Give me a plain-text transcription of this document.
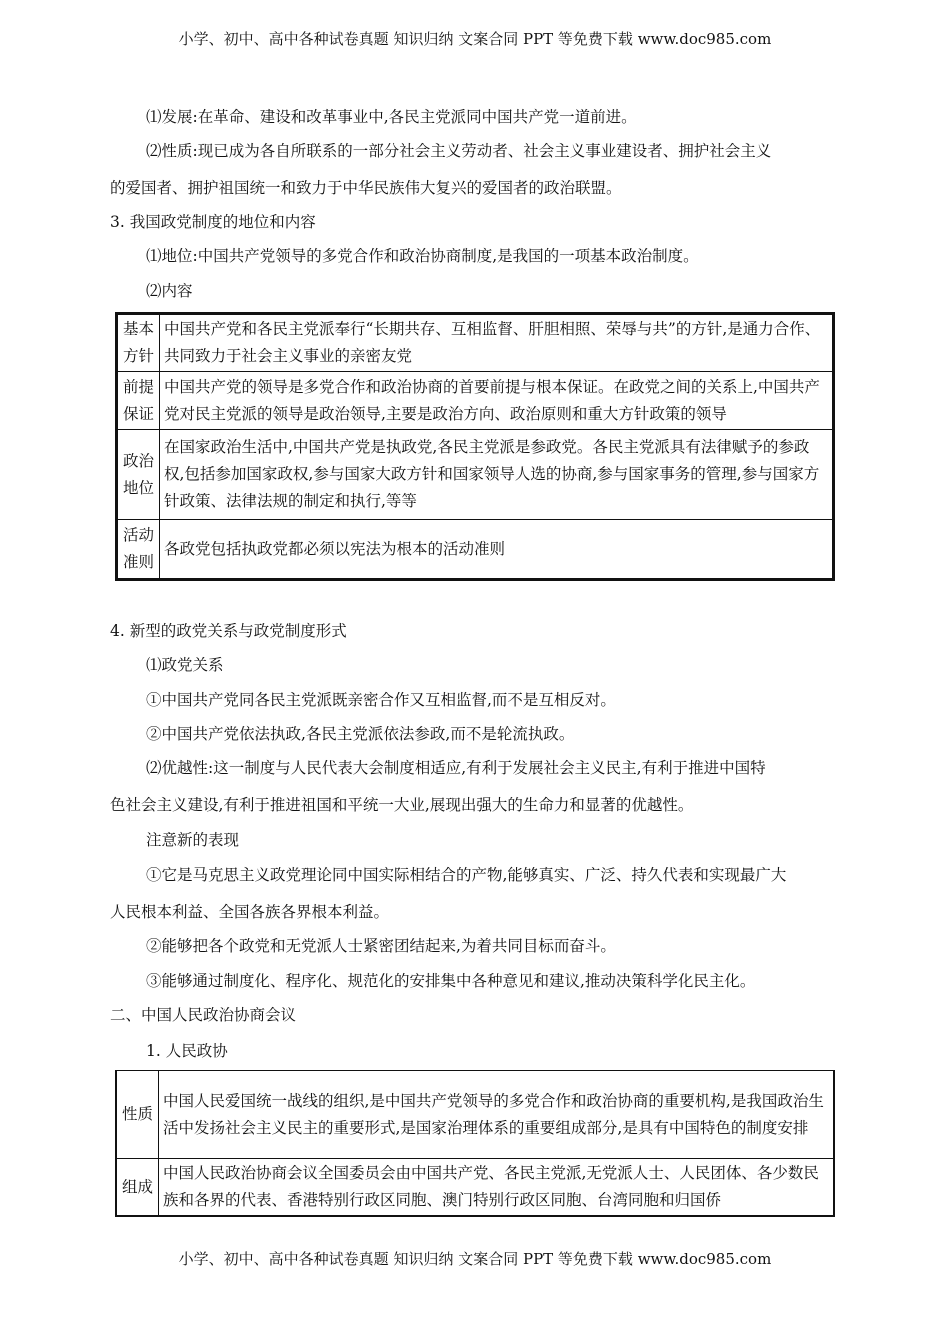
小学、初中、高中各种试卷真题 知识归纳 文案合同 PPT 等免费下载 www.doc985.com
⑴发展:在革命、建设和改革事业中,各民主党派同中国共产党一道前进。
⑵性质:现已成为各自所联系的一部分社会主义劳动者、社会主义事业建设者、拥护社会主义
的爱国者、拥护祖国统一和致力于中华民族伟大复兴的爱国者的政治联盟。
3. 我国政党制度的地位和内容
⑴地位:中国共产党领导的多党合作和政治协商制度,是我国的一项基本政治制度。
⑵内容
基本方针	中国共产党和各民主党派奉行“长期共存、互相监督、肝胆相照、荣辱与共”的方针,是通力合作、共同致力于社会主义事业的亲密友党
前提保证	中国共产党的领导是多党合作和政治协商的首要前提与根本保证。在政党之间的关系上,中国共产党对民主党派的领导是政治领导,主要是政治方向、政治原则和重大方针政策的领导
政治地位	在国家政治生活中,中国共产党是执政党,各民主党派是参政党。各民主党派具有法律赋予的参政权,包括参加国家政权,参与国家大政方针和国家领导人选的协商,参与国家事务的管理,参与国家方针政策、法律法规的制定和执行,等等
活动准则	各政党包括执政党都必须以宪法为根本的活动准则
4. 新型的政党关系与政党制度形式
⑴政党关系
①中国共产党同各民主党派既亲密合作又互相监督,而不是互相反对。
②中国共产党依法执政,各民主党派依法参政,而不是轮流执政。
⑵优越性:这一制度与人民代表大会制度相适应,有利于发展社会主义民主,有利于推进中国特
色社会主义建设,有利于推进祖国和平统一大业,展现出强大的生命力和显著的优越性。
注意新的表现
①它是马克思主义政党理论同中国实际相结合的产物,能够真实、广泛、持久代表和实现最广大
人民根本利益、全国各族各界根本利益。
②能够把各个政党和无党派人士紧密团结起来,为着共同目标而奋斗。
③能够通过制度化、程序化、规范化的安排集中各种意见和建议,推动决策科学化民主化。
二、中国人民政治协商会议
1. 人民政协
性质	中国人民爱国统一战线的组织,是中国共产党领导的多党合作和政治协商的重要机构,是我国政治生活中发扬社会主义民主的重要形式,是国家治理体系的重要组成部分,是具有中国特色的制度安排
组成	中国人民政治协商会议全国委员会由中国共产党、各民主党派,无党派人士、人民团体、各少数民族和各界的代表、香港特别行政区同胞、澳门特别行政区同胞、台湾同胞和归国侨
小学、初中、高中各种试卷真题 知识归纳 文案合同 PPT 等免费下载 www.doc985.com
